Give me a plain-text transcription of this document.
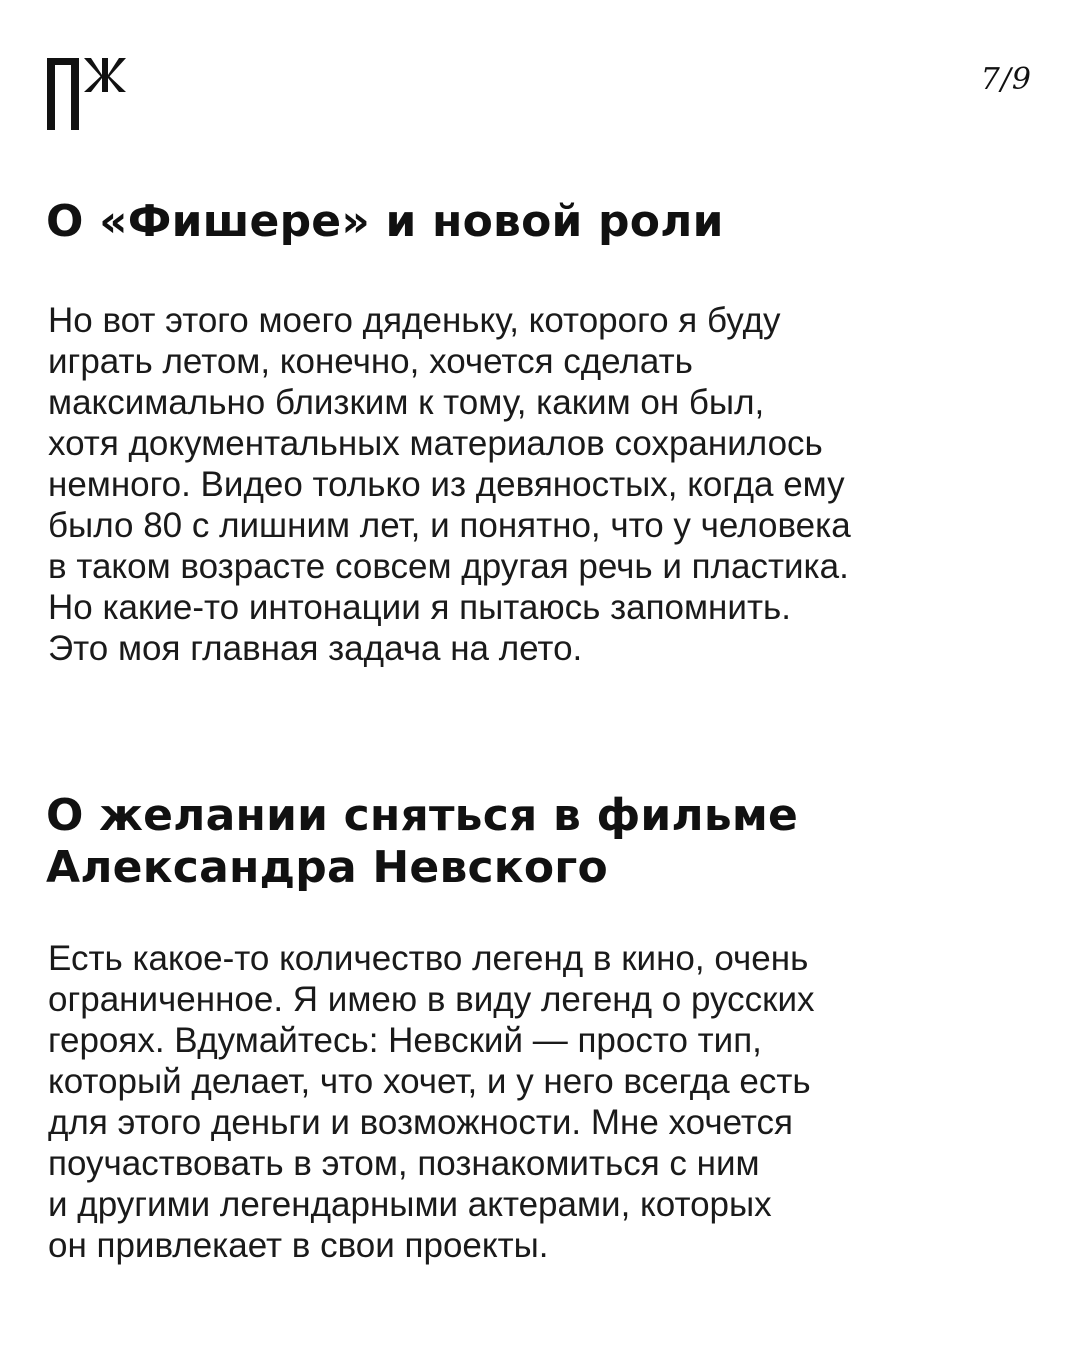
7/9
О «Фишере» и новой роли

Но вот этого моего дяденьку, которого я буду
играть летом, конечно, хочется сделать
максимально близким к тому, каким он был,
хотя документальных материалов сохранилось
немного. Видео только из девяностых, когда ему
было 80 с лишним лет, и понятно, что у человека
в таком возрасте совсем другая речь и пластика.
Но какие-то интонации я пытаюсь запомнить.
Это моя главная задача на лето.

О желании сняться в фильме
Александра Невского

Есть какое-то количество легенд в кино, очень
ограниченное. Я имею в виду легенд о русских
героях. Вдумайтесь: Невский — просто тип,
который делает, что хочет, и у него всегда есть
для этого деньги и возможности. Мне хочется
поучаствовать в этом, познакомиться с ним
и другими легендарными актерами, которых
он привлекает в свои проекты.
